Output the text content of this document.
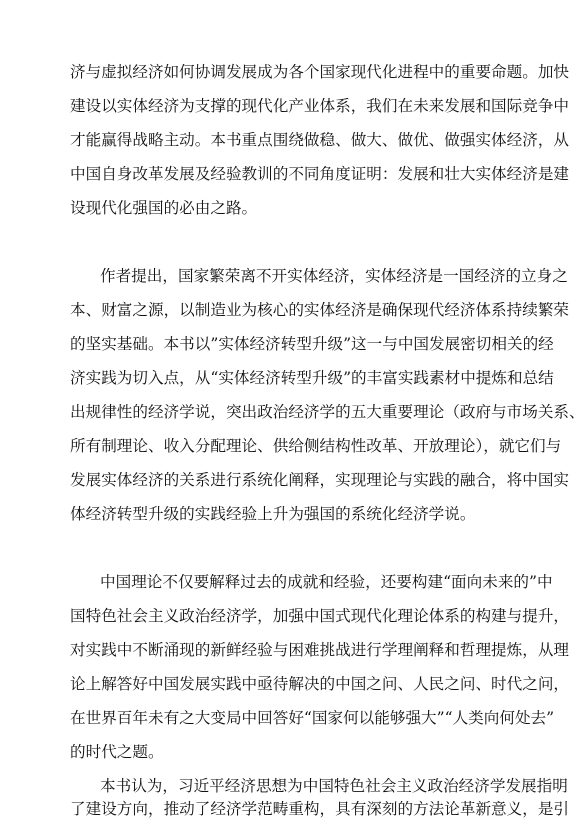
济与虚拟经济如何协调发展成为各个国家现代化进程中的重要命题。加快
建设以实体经济为支撑的现代化产业体系，我们在未来发展和国际竞争中
才能赢得战略主动。本书重点围绕做稳、做大、做优、做强实体经济，从
中国自身改革发展及经验教训的不同角度证明：发展和壮大实体经济是建
设现代化强国的必由之路。
作者提出，国家繁荣离不开实体经济，实体经济是一国经济的立身之
本、财富之源，以制造业为核心的实体经济是确保现代经济体系持续繁荣
的坚实基础。本书以”实体经济转型升级”这一与中国发展密切相关的经
济实践为切入点，从“实体经济转型升级”的丰富实践素材中提炼和总结
出规律性的经济学说，突出政治经济学的五大重要理论（政府与市场关系、
所有制理论、收入分配理论、供给侧结构性改革、开放理论），就它们与
发展实体经济的关系进行系统化阐释，实现理论与实践的融合，将中国实
体经济转型升级的实践经验上升为强国的系统化经济学说。
中国理论不仅要解释过去的成就和经验，还要构建“面向未来的”中
国特色社会主义政治经济学，加强中国式现代化理论体系的构建与提升，
对实践中不断涌现的新鲜经验与困难挑战进行学理阐释和哲理提炼，从理
论上解答好中国发展实践中亟待解决的中国之问、人民之问、时代之问，
在世界百年未有之大变局中回答好“国家何以能够强大”“人类向何处去”
的时代之题。
本书认为，习近平经济思想为中国特色社会主义政治经济学发展指明
了建设方向，推动了经济学范畴重构，具有深刻的方法论革新意义，是引
